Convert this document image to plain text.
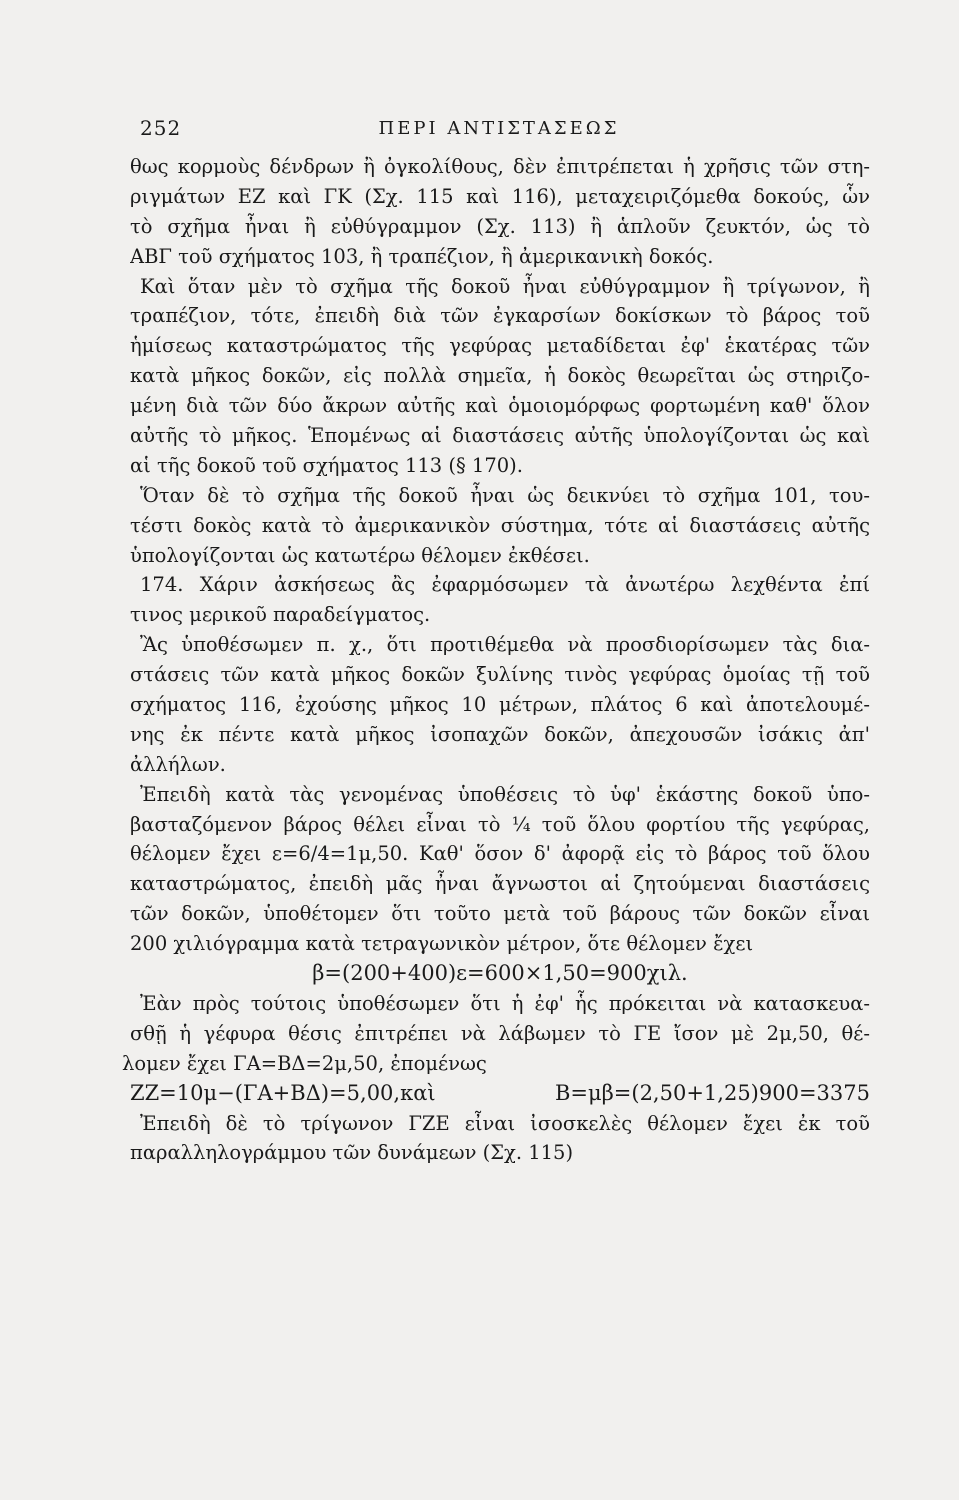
252	ΠΕΡΙ ΑΝΤΙΣΤΑΣΕΩΣ
θως κορμοὺς δένδρων ἢ ὀγκολίθους, δὲν ἐπιτρέπεται ἡ χρῆσις τῶν στη-
ριγμάτων ΕΖ καὶ ΓΚ (Σχ. 115 καὶ 116), μεταχειριζόμεθα δοκούς, ὧν
τὸ σχῆμα ἦναι ἢ εὐθύγραμμον (Σχ. 113) ἢ ἁπλοῦν ζευκτόν, ὡς τὸ
ΑΒΓ τοῦ σχήματος 103, ἢ τραπέζιον, ἢ ἀμερικανικὴ δοκός.
Καὶ ὅταν μὲν τὸ σχῆμα τῆς δοκοῦ ἦναι εὐθύγραμμον ἢ τρίγωνον, ἢ
τραπέζιον, τότε, ἐπειδὴ διὰ τῶν ἐγκαρσίων δοκίσκων τὸ βάρος τοῦ
ἡμίσεως καταστρώματος τῆς γεφύρας μεταδίδεται ἐφ' ἑκατέρας τῶν
κατὰ μῆκος δοκῶν, εἰς πολλὰ σημεῖα, ἡ δοκὸς θεωρεῖται ὡς στηριζο-
μένη διὰ τῶν δύο ἄκρων αὐτῆς καὶ ὁμοιομόρφως φορτωμένη καθ' ὅλον
αὐτῆς τὸ μῆκος. Ἑπομένως αἱ διαστάσεις αὐτῆς ὑπολογίζονται ὡς καὶ
αἱ τῆς δοκοῦ τοῦ σχήματος 113 (§ 170).
Ὅταν δὲ τὸ σχῆμα τῆς δοκοῦ ἦναι ὡς δεικνύει τὸ σχῆμα 101, του-
τέστι δοκὸς κατὰ τὸ ἀμερικανικὸν σύστημα, τότε αἱ διαστάσεις αὐτῆς
ὑπολογίζονται ὡς κατωτέρω θέλομεν ἐκθέσει.
174. Χάριν ἀσκήσεως ἂς ἐφαρμόσωμεν τὰ ἀνωτέρω λεχθέντα ἐπί
τινος μερικοῦ παραδείγματος.
Ἂς ὑποθέσωμεν π. χ., ὅτι προτιθέμεθα νὰ προσδιορίσωμεν τὰς δια-
στάσεις τῶν κατὰ μῆκος δοκῶν ξυλίνης τινὸς γεφύρας ὁμοίας τῇ τοῦ
σχήματος 116, ἐχούσης μῆκος 10 μέτρων, πλάτος 6 καὶ ἀποτελουμέ-
νης ἐκ πέντε κατὰ μῆκος ἰσοπαχῶν δοκῶν, ἀπεχουσῶν ἰσάκις ἀπ'
ἀλλήλων.
Ἐπειδὴ κατὰ τὰς γενομένας ὑποθέσεις τὸ ὑφ' ἑκάστης δοκοῦ ὑπο-
βασταζόμενον βάρος θέλει εἶναι τὸ ¼ τοῦ ὅλου φορτίου τῆς γεφύρας,
θέλομεν ἔχει ε=6/4=1μ,50. Καθ' ὅσον δ' ἀφορᾷ εἰς τὸ βάρος τοῦ ὅλου
καταστρώματος, ἐπειδὴ μᾶς ἦναι ἄγνωστοι αἱ ζητούμεναι διαστάσεις
τῶν δοκῶν, ὑποθέτομεν ὅτι τοῦτο μετὰ τοῦ βάρους τῶν δοκῶν εἶναι
200 χιλιόγραμμα κατὰ τετραγωνικὸν μέτρον, ὅτε θέλομεν ἔχει
β=(200+400)ε=600×1,50=900χιλ.
Ἐὰν πρὸς τούτοις ὑποθέσωμεν ὅτι ἡ ἐφ' ἧς πρόκειται νὰ κατασκευα-
σθῇ ἡ γέφυρα θέσις ἐπιτρέπει νὰ λάβωμεν τὸ ΓΕ ἴσον μὲ 2μ,50, θέ-
λομεν ἔχει ΓΑ=ΒΔ=2μ,50, ἐπομένως
ΖΖ=10μ−(ΓΑ+ΒΔ)=5,00,καὶ Β=μβ=(2,50+1,25)900=3375
Ἐπειδὴ δὲ τὸ τρίγωνον ΓΖΕ εἶναι ἰσοσκελὲς θέλομεν ἔχει ἐκ τοῦ
παραλληλογράμμου τῶν δυνάμεων (Σχ. 115)
